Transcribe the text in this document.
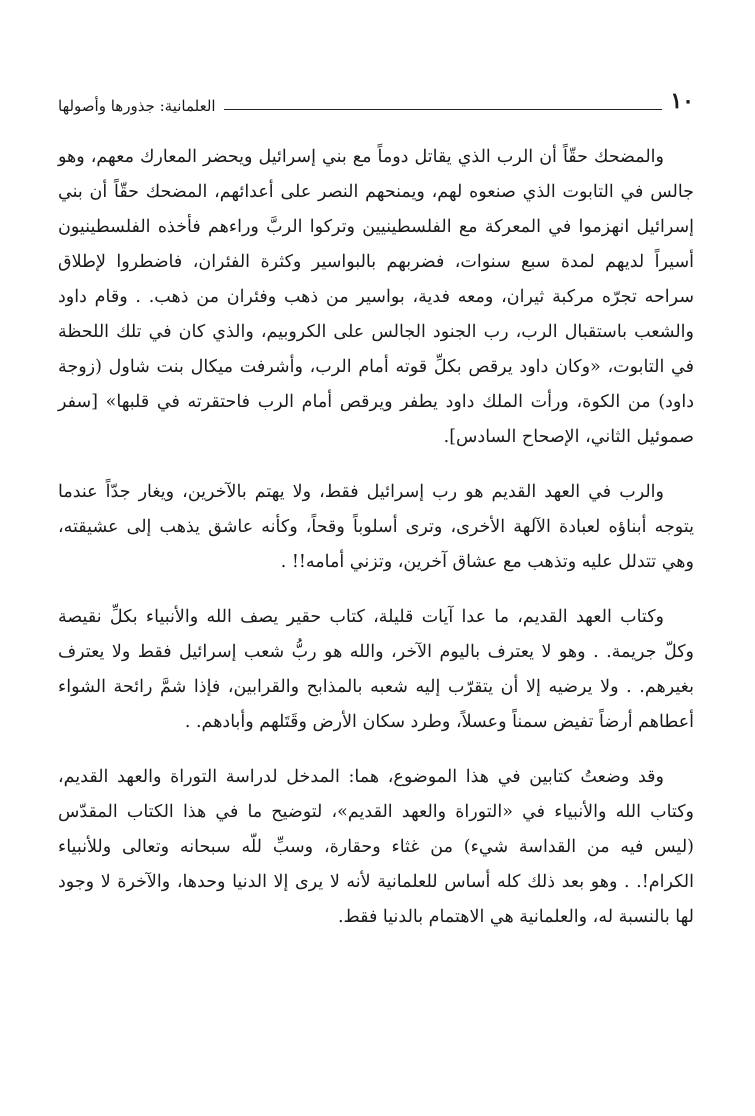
١٠
العلمانية: جذورها وأصولها

والمضحك حقّاً أن الرب الذي يقاتل دوماً مع بني إسرائيل ويحضر المعارك معهم، وهو جالس في التابوت الذي صنعوه لهم، ويمنحهم النصر على أعدائهم، المضحك حقّاً أن بني إسرائيل انهزموا في المعركة مع الفلسطينيين وتركوا الربَّ وراءهم فأخذه الفلسطينيون أسيراً لديهم لمدة سبع سنوات، فضربهم بالبواسير وكثرة الفئران، فاضطروا لإطلاق سراحه تجرّه مركبة ثيران، ومعه فدية، بواسير من ذهب وفئران من ذهب. . وقام داود والشعب باستقبال الرب، رب الجنود الجالس على الكروبيم، والذي كان في تلك اللحظة في التابوت، «وكان داود يرقص بكلِّ قوته أمام الرب، وأشرفت ميكال بنت شاول (زوجة داود) من الكوة، ورأت الملك داود يطفر ويرقص أمام الرب فاحتقرته في قلبها» [سفر صموئيل الثاني، الإصحاح السادس].

والرب في العهد القديم هو رب إسرائيل فقط، ولا يهتم بالآخرين، ويغار جدّاً عندما يتوجه أبناؤه لعبادة الآلهة الأخرى، وترى أسلوباً وقحاً، وكأنه عاشق يذهب إلى عشيقته، وهي تتدلل عليه وتذهب مع عشاق آخرين، وتزني أمامه!! .

وكتاب العهد القديم، ما عدا آيات قليلة، كتاب حقير يصف الله والأنبياء بكلِّ نقيصة وكلّ جريمة. . وهو لا يعترف باليوم الآخر، والله هو ربُّ شعب إسرائيل فقط ولا يعترف بغيرهم. . ولا يرضيه إلا أن يتقرّب إليه شعبه بالمذابح والقرابين، فإذا شمَّ رائحة الشواء أعطاهم أرضاً تفيض سمناً وعسلاً، وطرد سكان الأرض وقَتَلهم وأبادهم. .

وقد وضعتُ كتابين في هذا الموضوع، هما: المدخل لدراسة التوراة والعهد القديم، وكتاب الله والأنبياء في «التوراة والعهد القديم»، لتوضيح ما في هذا الكتاب المقدّس (ليس فيه من القداسة شيء) من غثاء وحقارة، وسبِّ للّه سبحانه وتعالى وللأنبياء الكرام!. . وهو بعد ذلك كله أساس للعلمانية لأنه لا يرى إلا الدنيا وحدها، والآخرة لا وجود لها بالنسبة له، والعلمانية هي الاهتمام بالدنيا فقط.
